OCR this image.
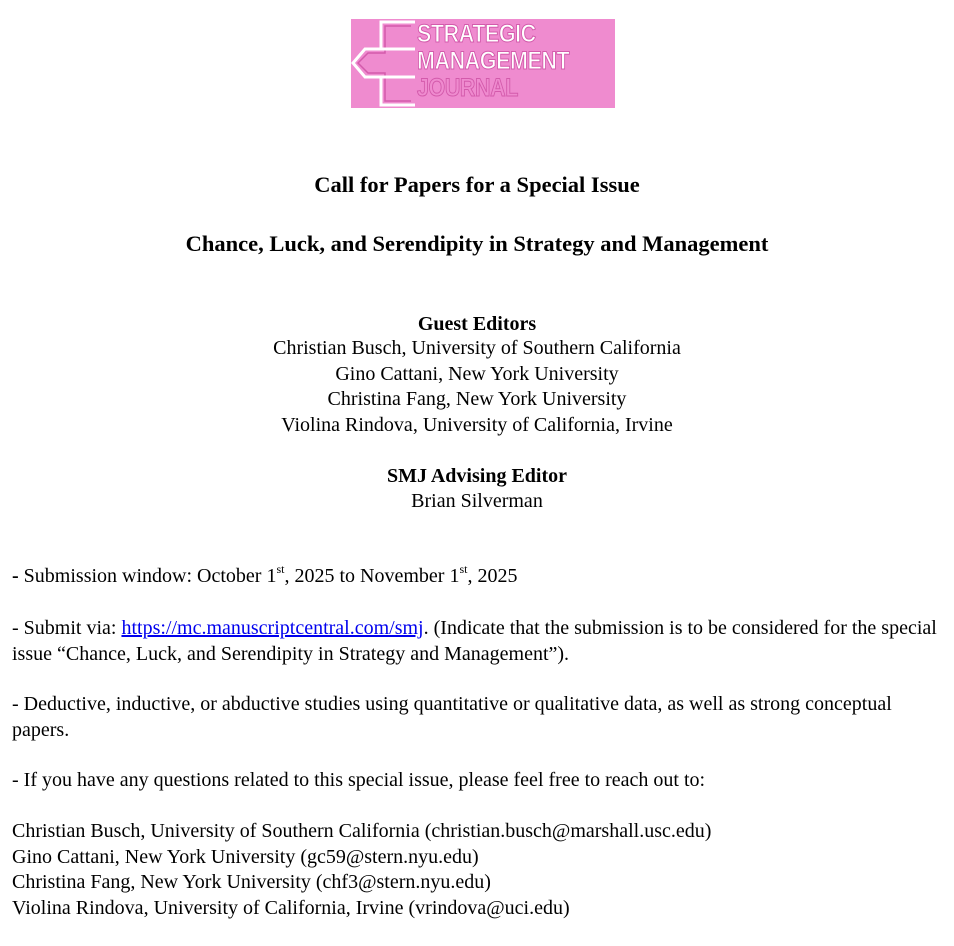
STRATEGIC
MANAGEMENT
JOURNAL
Call for Papers for a Special Issue
Chance, Luck, and Serendipity in Strategy and Management
Guest Editors
Christian Busch, University of Southern California
Gino Cattani, New York University
Christina Fang, New York University
Violina Rindova, University of California, Irvine
SMJ Advising Editor
Brian Silverman
- Submission window: October 1st, 2025 to November 1st, 2025
- Submit via: https://mc.manuscriptcentral.com/smj. (Indicate that the submission is to be considered for the special issue “Chance, Luck, and Serendipity in Strategy and Management”).
- Deductive, inductive, or abductive studies using quantitative or qualitative data, as well as strong conceptual papers.
- If you have any questions related to this special issue, please feel free to reach out to:
Christian Busch, University of Southern California (christian.busch@marshall.usc.edu)
Gino Cattani, New York University (gc59@stern.nyu.edu)
Christina Fang, New York University (chf3@stern.nyu.edu)
Violina Rindova, University of California, Irvine (vrindova@uci.edu)
